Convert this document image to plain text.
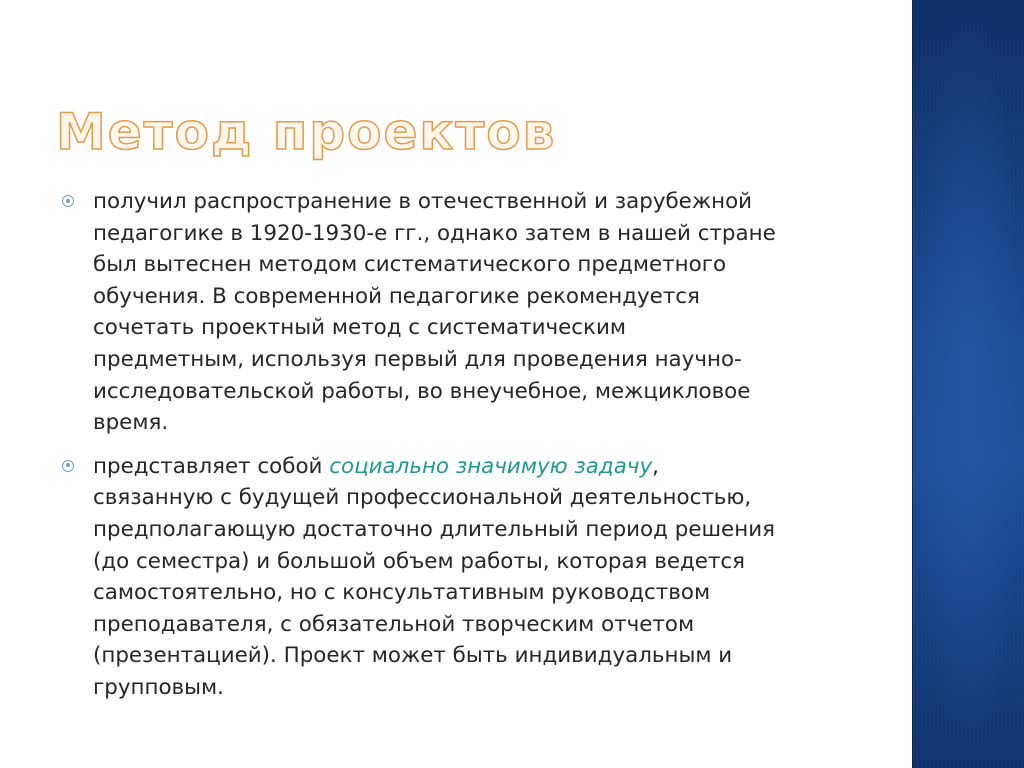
Метод проектов
получил распространение в отечественной и зарубежной
педагогике в 1920-1930-е гг., однако затем в нашей стране
был вытеснен методом систематического предметного
обучения. В современной педагогике рекомендуется
сочетать проектный метод с систематическим
предметным, используя первый для проведения научно-
исследовательской работы, во внеучебное, межцикловое
время.
представляет собой социально значимую задачу,
связанную с будущей профессиональной деятельностью,
предполагающую достаточно длительный период решения
(до семестра) и большой объем работы, которая ведется
самостоятельно, но с консультативным руководством
преподавателя, с обязательной творческим отчетом
(презентацией). Проект может быть индивидуальным и
групповым.
